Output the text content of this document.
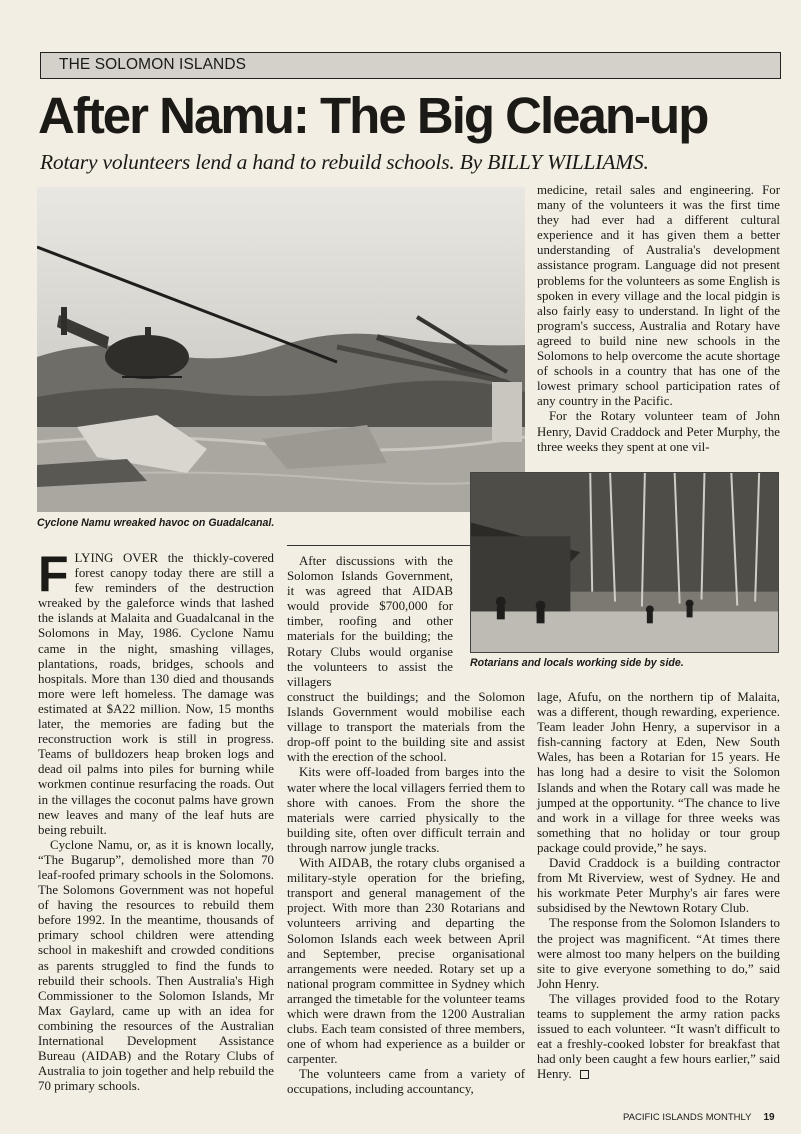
THE SOLOMON ISLANDS
After Namu: The Big Clean-up
Rotary volunteers lend a hand to rebuild schools. By BILLY WILLIAMS.
Cyclone Namu wreaked havoc on Guadalcanal.
Rotarians and locals working side by side.

FLYING OVER the thickly-covered forest canopy today there are still a few reminders of the destruction wreaked by the galeforce winds that lashed the islands at Malaita and Guadalcanal in the Solomons in May, 1986. Cyclone Namu came in the night, smashing villages, plantations, roads, bridges, schools and hospitals. More than 130 died and thousands more were left homeless. The damage was estimated at $A22 million. Now, 15 months later, the memories are fading but the reconstruction work is still in progress. Teams of bulldozers heap broken logs and dead oil palms into piles for burning while workmen continue resurfacing the roads. Out in the villages the coconut palms have grown new leaves and many of the leaf huts are being rebuilt.

Cyclone Namu, or, as it is known locally, “The Bugarup”, demolished more than 70 leaf-roofed primary schools in the Solomons. The Solomons Government was not hopeful of having the resources to rebuild them before 1992. In the meantime, thousands of primary school children were attending school in makeshift and crowded conditions as parents struggled to find the funds to rebuild their schools. Then Australia's High Commissioner to the Solomon Islands, Mr Max Gaylard, came up with an idea for combining the resources of the Australian International Development Assistance Bureau (AIDAB) and the Rotary Clubs of Australia to join together and help rebuild the 70 primary schools.

After discussions with the Solomon Islands Government, it was agreed that AIDAB would provide $700,000 for timber, roofing and other materials for the building; the Rotary Clubs would organise the volunteers to assist the villagers

construct the buildings; and the Solomon Islands Government would mobilise each village to transport the materials from the drop-off point to the building site and assist with the erection of the school.

Kits were off-loaded from barges into the water where the local villagers ferried them to shore with canoes. From the shore the materials were carried physically to the building site, often over difficult terrain and through narrow jungle tracks.

With AIDAB, the rotary clubs organised a military-style operation for the briefing, transport and general management of the project. With more than 230 Rotarians and volunteers arriving and departing the Solomon Islands each week between April and September, precise organisational arrangements were needed. Rotary set up a national program committee in Sydney which arranged the timetable for the volunteer teams which were drawn from the 1200 Australian clubs. Each team consisted of three members, one of whom had experience as a builder or carpenter.

The volunteers came from a variety of occupations, including accountancy,

medicine, retail sales and engineering. For many of the volunteers it was the first time they had ever had a different cultural experience and it has given them a better understanding of Australia's development assistance program. Language did not present problems for the volunteers as some English is spoken in every village and the local pidgin is also fairly easy to understand. In light of the program's success, Australia and Rotary have agreed to build nine new schools in the Solomons to help overcome the acute shortage of schools in a country that has one of the lowest primary school participation rates of any country in the Pacific.

For the Rotary volunteer team of John Henry, David Craddock and Peter Murphy, the three weeks they spent at one vil-

lage, Afufu, on the northern tip of Malaita, was a different, though rewarding, experience. Team leader John Henry, a supervisor in a fish-canning factory at Eden, New South Wales, has been a Rotarian for 15 years. He has long had a desire to visit the Solomon Islands and when the Rotary call was made he jumped at the opportunity. “The chance to live and work in a village for three weeks was something that no holiday or tour group package could provide,” he says.

David Craddock is a building contractor from Mt Riverview, west of Sydney. He and his workmate Peter Murphy's air fares were subsidised by the Newtown Rotary Club.

The response from the Solomon Islanders to the project was magnificent. “At times there were almost too many helpers on the building site to give everyone something to do,” said John Henry.

The villages provided food to the Rotary teams to supplement the army ration packs issued to each volunteer. “It wasn't difficult to eat a freshly-cooked lobster for breakfast that had only been caught a few hours earlier,” said Henry.

PACIFIC ISLANDS MONTHLY 19
